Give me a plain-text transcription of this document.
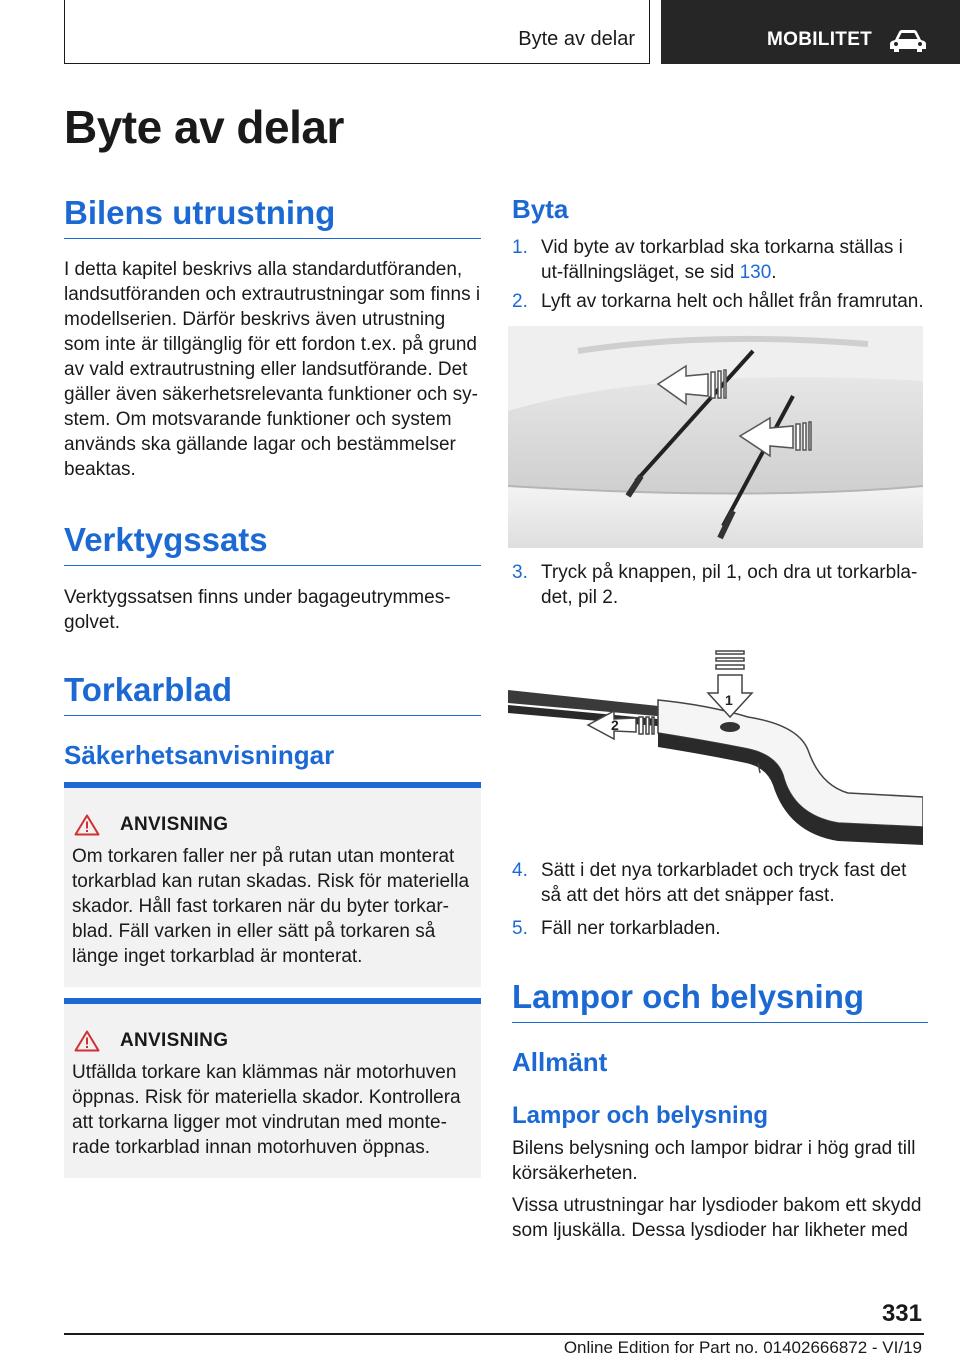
Byte av delar	MOBILITET
Byte av delar
Bilens utrustning
I detta kapitel beskrivs alla standardutföranden, landsutföranden och extrautrustningar som finns i modellserien. Därför beskrivs även utrustning som inte är tillgänglig för ett fordon t.ex. på grund av vald extrautrustning eller landsutförande. Det gäller även säkerhetsrelevanta funktioner och sy-stem. Om motsvarande funktioner och system används ska gällande lagar och bestämmelser beaktas.
Verktygssats
Verktygssatsen finns under bagageutrymmes-golvet.
Torkarblad
Säkerhetsanvisningar
ANVISNING
Om torkaren faller ner på rutan utan monterat torkarblad kan rutan skadas. Risk för materiella skador. Håll fast torkaren när du byter torkar-blad. Fäll varken in eller sätt på torkaren så länge inget torkarblad är monterat.
ANVISNING
Utfällda torkare kan klämmas när motorhuven öppnas. Risk för materiella skador. Kontrollera att torkarna ligger mot vindrutan med monte-rade torkarblad innan motorhuven öppnas.
Byta
1. Vid byte av torkarblad ska torkarna ställas i ut-fällningsläget, se sid 130.
2. Lyft av torkarna helt och hållet från framrutan.
3. Tryck på knappen, pil 1, och dra ut torkarbla-det, pil 2.
2
1
4. Sätt i det nya torkarbladet och tryck fast det så att det hörs att det snäpper fast.
5. Fäll ner torkarbladen.
Lampor och belysning
Allmänt
Lampor och belysning
Bilens belysning och lampor bidrar i hög grad till körsäkerheten.
Vissa utrustningar har lysdioder bakom ett skydd som ljuskälla. Dessa lysdioder har likheter med
331
Online Edition for Part no. 01402666872 - VI/19
